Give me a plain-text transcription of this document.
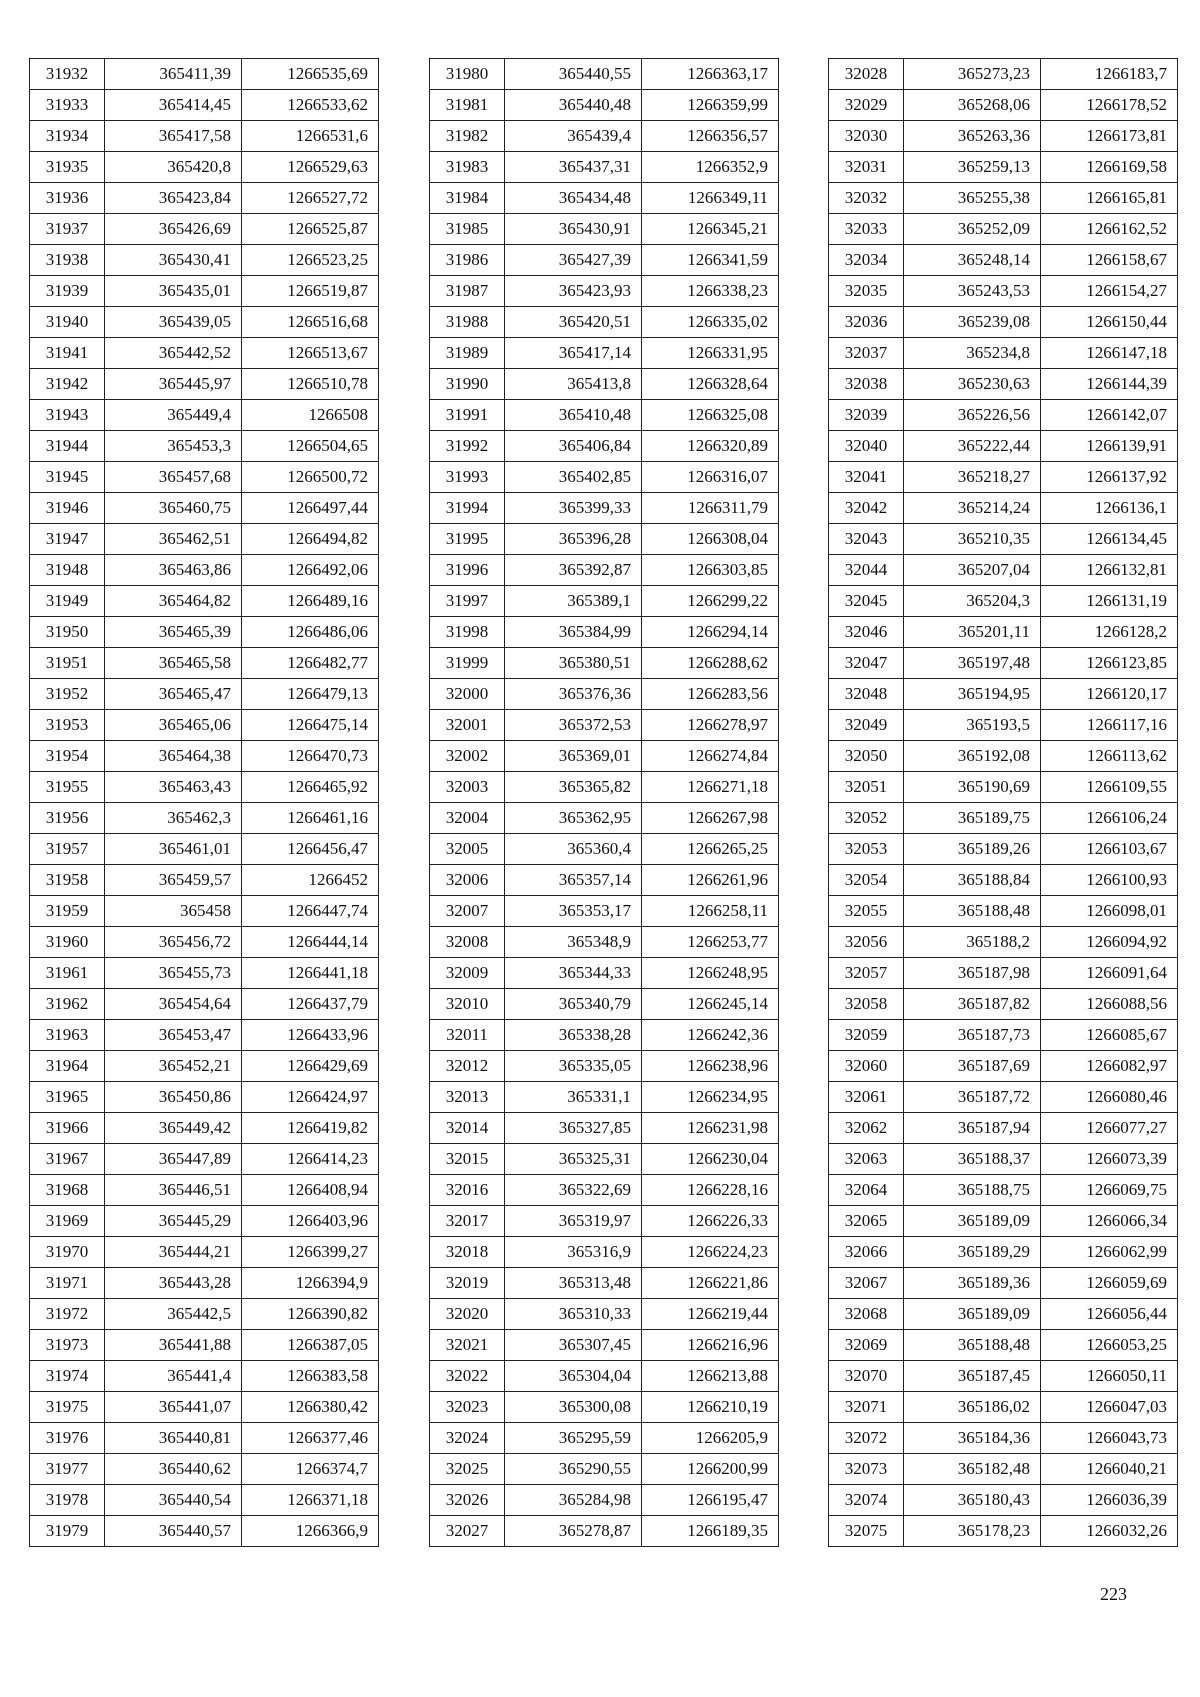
31932	365411,39	1266535,69
31933	365414,45	1266533,62
31934	365417,58	1266531,6
31935	365420,8	1266529,63
31936	365423,84	1266527,72
31937	365426,69	1266525,87
31938	365430,41	1266523,25
31939	365435,01	1266519,87
31940	365439,05	1266516,68
31941	365442,52	1266513,67
31942	365445,97	1266510,78
31943	365449,4	1266508
31944	365453,3	1266504,65
31945	365457,68	1266500,72
31946	365460,75	1266497,44
31947	365462,51	1266494,82
31948	365463,86	1266492,06
31949	365464,82	1266489,16
31950	365465,39	1266486,06
31951	365465,58	1266482,77
31952	365465,47	1266479,13
31953	365465,06	1266475,14
31954	365464,38	1266470,73
31955	365463,43	1266465,92
31956	365462,3	1266461,16
31957	365461,01	1266456,47
31958	365459,57	1266452
31959	365458	1266447,74
31960	365456,72	1266444,14
31961	365455,73	1266441,18
31962	365454,64	1266437,79
31963	365453,47	1266433,96
31964	365452,21	1266429,69
31965	365450,86	1266424,97
31966	365449,42	1266419,82
31967	365447,89	1266414,23
31968	365446,51	1266408,94
31969	365445,29	1266403,96
31970	365444,21	1266399,27
31971	365443,28	1266394,9
31972	365442,5	1266390,82
31973	365441,88	1266387,05
31974	365441,4	1266383,58
31975	365441,07	1266380,42
31976	365440,81	1266377,46
31977	365440,62	1266374,7
31978	365440,54	1266371,18
31979	365440,57	1266366,9
31980	365440,55	1266363,17
31981	365440,48	1266359,99
31982	365439,4	1266356,57
31983	365437,31	1266352,9
31984	365434,48	1266349,11
31985	365430,91	1266345,21
31986	365427,39	1266341,59
31987	365423,93	1266338,23
31988	365420,51	1266335,02
31989	365417,14	1266331,95
31990	365413,8	1266328,64
31991	365410,48	1266325,08
31992	365406,84	1266320,89
31993	365402,85	1266316,07
31994	365399,33	1266311,79
31995	365396,28	1266308,04
31996	365392,87	1266303,85
31997	365389,1	1266299,22
31998	365384,99	1266294,14
31999	365380,51	1266288,62
32000	365376,36	1266283,56
32001	365372,53	1266278,97
32002	365369,01	1266274,84
32003	365365,82	1266271,18
32004	365362,95	1266267,98
32005	365360,4	1266265,25
32006	365357,14	1266261,96
32007	365353,17	1266258,11
32008	365348,9	1266253,77
32009	365344,33	1266248,95
32010	365340,79	1266245,14
32011	365338,28	1266242,36
32012	365335,05	1266238,96
32013	365331,1	1266234,95
32014	365327,85	1266231,98
32015	365325,31	1266230,04
32016	365322,69	1266228,16
32017	365319,97	1266226,33
32018	365316,9	1266224,23
32019	365313,48	1266221,86
32020	365310,33	1266219,44
32021	365307,45	1266216,96
32022	365304,04	1266213,88
32023	365300,08	1266210,19
32024	365295,59	1266205,9
32025	365290,55	1266200,99
32026	365284,98	1266195,47
32027	365278,87	1266189,35
32028	365273,23	1266183,7
32029	365268,06	1266178,52
32030	365263,36	1266173,81
32031	365259,13	1266169,58
32032	365255,38	1266165,81
32033	365252,09	1266162,52
32034	365248,14	1266158,67
32035	365243,53	1266154,27
32036	365239,08	1266150,44
32037	365234,8	1266147,18
32038	365230,63	1266144,39
32039	365226,56	1266142,07
32040	365222,44	1266139,91
32041	365218,27	1266137,92
32042	365214,24	1266136,1
32043	365210,35	1266134,45
32044	365207,04	1266132,81
32045	365204,3	1266131,19
32046	365201,11	1266128,2
32047	365197,48	1266123,85
32048	365194,95	1266120,17
32049	365193,5	1266117,16
32050	365192,08	1266113,62
32051	365190,69	1266109,55
32052	365189,75	1266106,24
32053	365189,26	1266103,67
32054	365188,84	1266100,93
32055	365188,48	1266098,01
32056	365188,2	1266094,92
32057	365187,98	1266091,64
32058	365187,82	1266088,56
32059	365187,73	1266085,67
32060	365187,69	1266082,97
32061	365187,72	1266080,46
32062	365187,94	1266077,27
32063	365188,37	1266073,39
32064	365188,75	1266069,75
32065	365189,09	1266066,34
32066	365189,29	1266062,99
32067	365189,36	1266059,69
32068	365189,09	1266056,44
32069	365188,48	1266053,25
32070	365187,45	1266050,11
32071	365186,02	1266047,03
32072	365184,36	1266043,73
32073	365182,48	1266040,21
32074	365180,43	1266036,39
32075	365178,23	1266032,26
223
